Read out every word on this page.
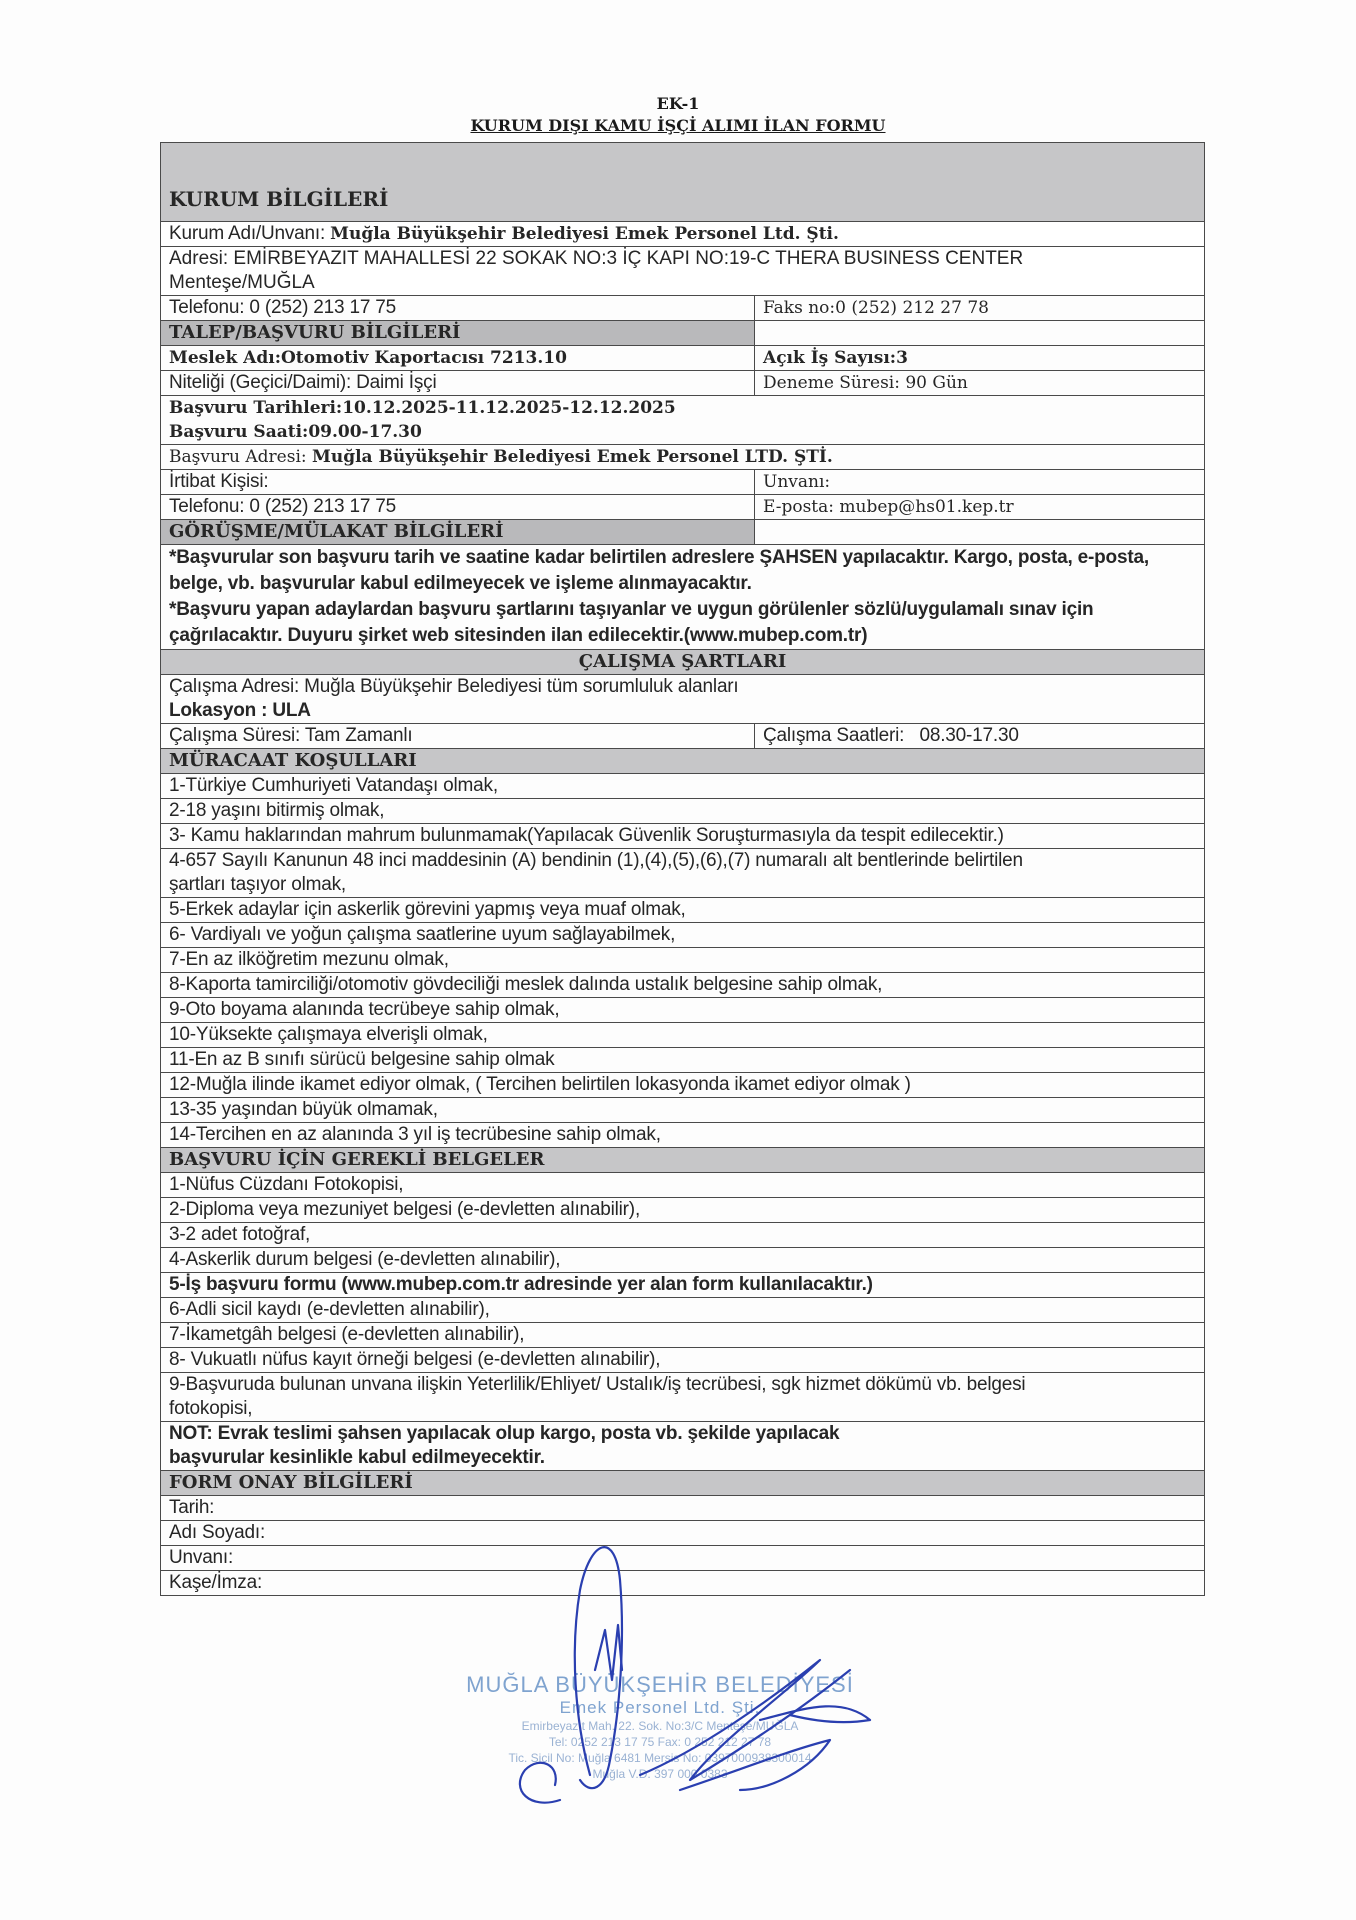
EK-1
KURUM DIŞI KAMU İŞÇİ ALIMI İLAN FORMU
KURUM BİLGİLERİ	
Kurum Adı/Unvanı: Muğla Büyükşehir Belediyesi Emek Personel Ltd. Şti.	

Adresi: EMİRBEYAZIT MAHALLESİ 22 SOKAK NO:3 İÇ KAPI NO:19-C THERA BUSINESS CENTER
Menteşe/MUĞLA	

Telefonu: 0 (252) 213 17 75	Faks no:0 (252) 212 27 78
TALEP/BAŞVURU BİLGİLERİ	
Meslek Adı:Otomotiv Kaportacısı 7213.10	Açık İş Sayısı:3
Niteliği (Geçici/Daimi): Daimi İşçi	Deneme Süresi: 90 Gün

Başvuru Tarihleri:10.12.2025-11.12.2025-12.12.2025
Başvuru Saati:09.00-17.30	

Başvuru Adresi: Muğla Büyükşehir Belediyesi Emek Personel LTD. ŞTİ.	
İrtibat Kişisi:	Unvanı:
Telefonu: 0 (252) 213 17 75	E-posta: mubep@hs01.kep.tr
GÖRÜŞME/MÜLAKAT BİLGİLERİ	

*Başvurular son başvuru tarih ve saatine kadar belirtilen adreslere ŞAHSEN yapılacaktır. Kargo, posta, e-posta, belge, vb. başvurular kabul edilmeyecek ve işleme alınmayacaktır.
*Başvuru yapan adaylardan başvuru şartlarını taşıyanlar ve uygun görülenler sözlü/uygulamalı sınav için çağrılacaktır. Duyuru şirket web sitesinden ilan edilecektir.(www.mubep.com.tr)	

ÇALIŞMA ŞARTLARI	

Çalışma Adresi: Muğla Büyükşehir Belediyesi tüm sorumluluk alanları
Lokasyon : ULA	

Çalışma Süresi: Tam Zamanlı	Çalışma Saatleri:   08.30-17.30
MÜRACAAT KOŞULLARI	
1-Türkiye Cumhuriyeti Vatandaşı olmak,	
2-18 yaşını bitirmiş olmak,	
3- Kamu haklarından mahrum bulunmamak(Yapılacak Güvenlik Soruşturmasıyla da tespit edilecektir.)	
4-657 Sayılı Kanunun 48 inci maddesinin (A) bendinin (1),(4),(5),(6),(7) numaralı alt bentlerinde belirtilen şartları taşıyor olmak,	
5-Erkek adaylar için askerlik görevini yapmış veya muaf olmak,	
6- Vardiyalı ve yoğun çalışma saatlerine uyum sağlayabilmek,	
7-En az ilköğretim mezunu olmak,	
8-Kaporta tamirciliği/otomotiv gövdeciliği meslek dalında ustalık belgesine sahip olmak,	
9-Oto boyama alanında tecrübeye sahip olmak,	
10-Yüksekte çalışmaya elverişli olmak,	
11-En az B sınıfı sürücü belgesine sahip olmak	
12-Muğla ilinde ikamet ediyor olmak, ( Tercihen belirtilen lokasyonda ikamet ediyor olmak )	
13-35 yaşından büyük olmamak,	
14-Tercihen en az alanında 3 yıl iş tecrübesine sahip olmak,	
BAŞVURU İÇİN GEREKLİ BELGELER	
1-Nüfus Cüzdanı Fotokopisi,	
2-Diploma veya mezuniyet belgesi (e-devletten alınabilir),	
3-2 adet fotoğraf,	
4-Askerlik durum belgesi (e-devletten alınabilir),	
5-İş başvuru formu (www.mubep.com.tr adresinde yer alan form kullanılacaktır.)	
6-Adli sicil kaydı (e-devletten alınabilir),	
7-İkametgâh belgesi (e-devletten alınabilir),	
8- Vukuatlı nüfus kayıt örneği belgesi (e-devletten alınabilir),	
9-Başvuruda bulunan unvana ilişkin Yeterlilik/Ehliyet/ Ustalık/iş tecrübesi, sgk hizmet dökümü vb. belgesi fotokopisi,	
NOT: Evrak teslimi şahsen yapılacak olup kargo, posta vb. şekilde yapılacak başvurular kesinlikle kabul edilmeyecektir.	
FORM ONAY BİLGİLERİ	
Tarih:	
Adı Soyadı:	
Unvanı:	
Kaşe/İmza:	
MUĞLA BÜYÜKŞEHİR BELEDİYESİ
Emek Personel Ltd. Şti.
Emirbeyazıt Mah. 22. Sok. No:3/C Menteşe/MUĞLA
Tel: 0252 213 17 75 Fax: 0 252 212 27 78
Tic. Sicil No: Muğla 6481 Mersis No: 0397000938300014
Muğla V.D. 397 000 0383
